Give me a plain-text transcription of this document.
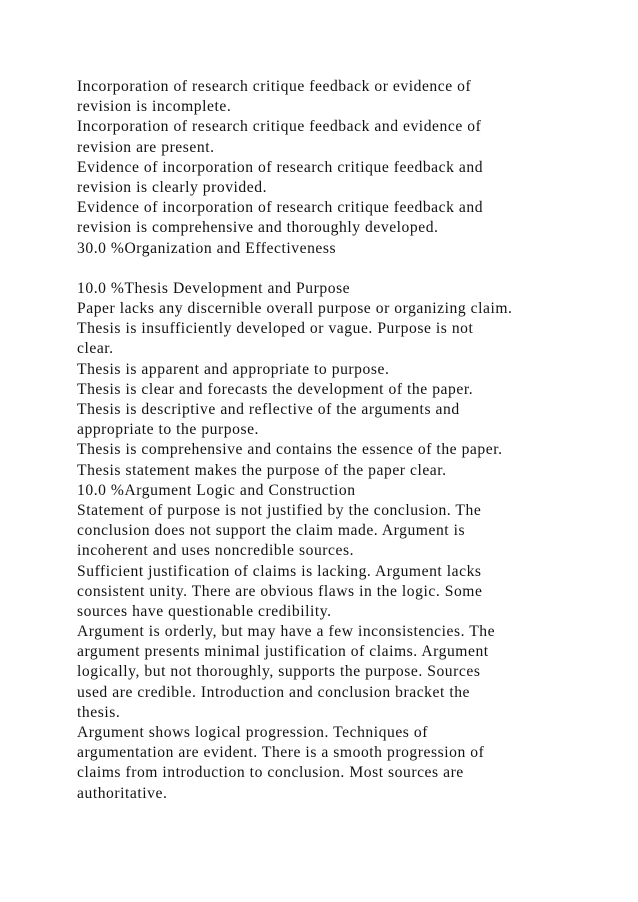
Incorporation of research critique feedback or evidence of
revision is incomplete.
Incorporation of research critique feedback and evidence of
revision are present.
Evidence of incorporation of research critique feedback and
revision is clearly provided.
Evidence of incorporation of research critique feedback and
revision is comprehensive and thoroughly developed.
30.0 %Organization and Effectiveness
10.0 %Thesis Development and Purpose
Paper lacks any discernible overall purpose or organizing claim.
Thesis is insufficiently developed or vague. Purpose is not
clear.
Thesis is apparent and appropriate to purpose.
Thesis is clear and forecasts the development of the paper.
Thesis is descriptive and reflective of the arguments and
appropriate to the purpose.
Thesis is comprehensive and contains the essence of the paper.
Thesis statement makes the purpose of the paper clear.
10.0 %Argument Logic and Construction
Statement of purpose is not justified by the conclusion. The
conclusion does not support the claim made. Argument is
incoherent and uses noncredible sources.
Sufficient justification of claims is lacking. Argument lacks
consistent unity. There are obvious flaws in the logic. Some
sources have questionable credibility.
Argument is orderly, but may have a few inconsistencies. The
argument presents minimal justification of claims. Argument
logically, but not thoroughly, supports the purpose. Sources
used are credible. Introduction and conclusion bracket the
thesis.
Argument shows logical progression. Techniques of
argumentation are evident. There is a smooth progression of
claims from introduction to conclusion. Most sources are
authoritative.
